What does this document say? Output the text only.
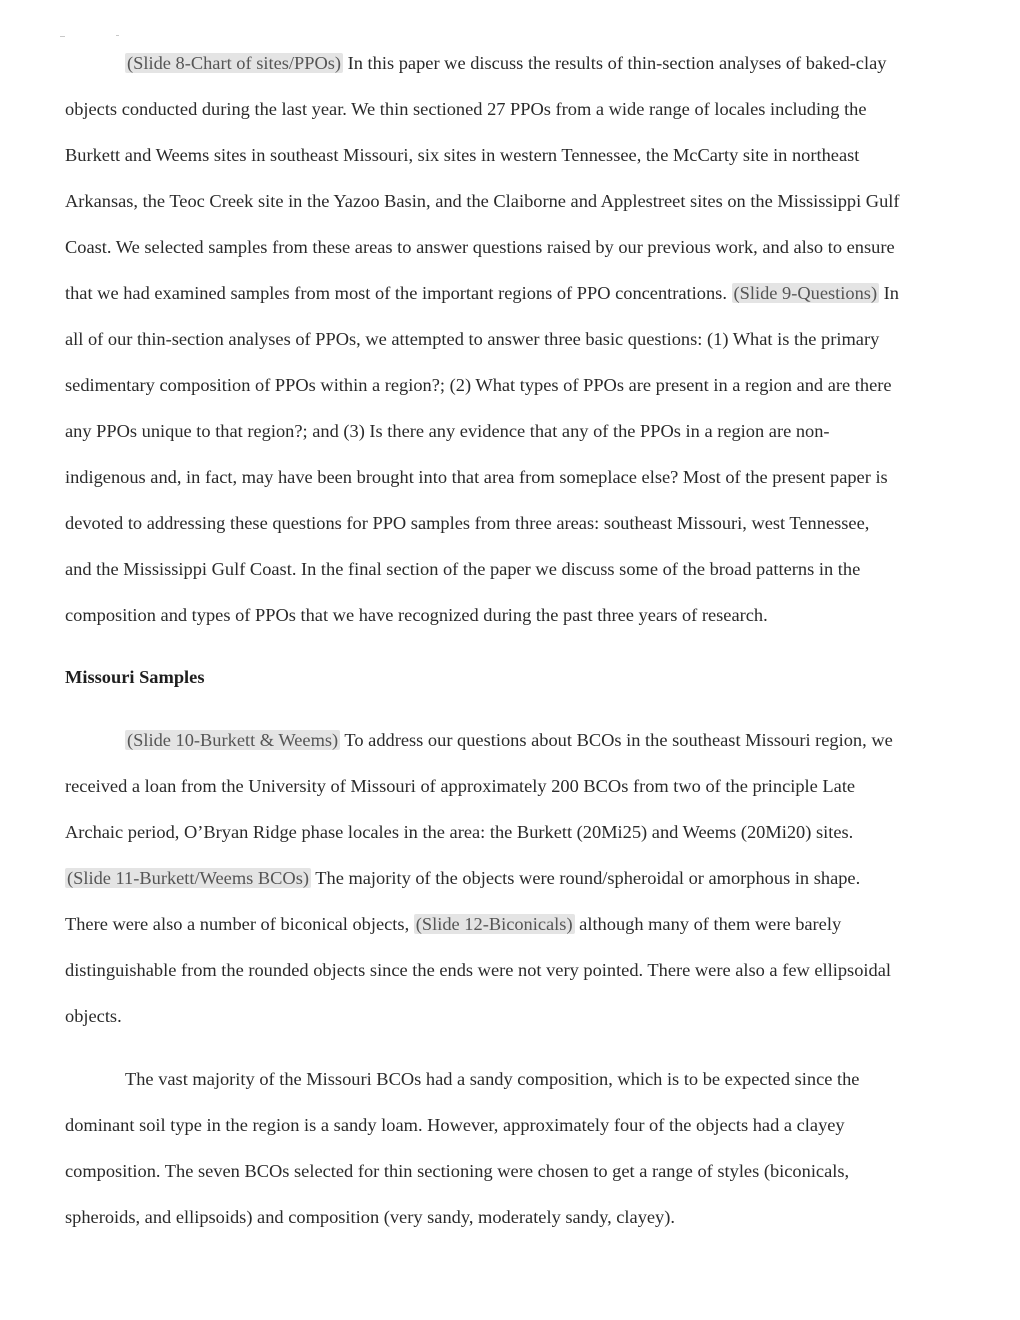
(Slide 8-Chart of sites/PPOs) In this paper we discuss the results of thin-section analyses of baked-clay
objects conducted during the last year. We thin sectioned 27 PPOs from a wide range of locales including the
Burkett and Weems sites in southeast Missouri, six sites in western Tennessee, the McCarty site in northeast
Arkansas, the Teoc Creek site in the Yazoo Basin, and the Claiborne and Applestreet sites on the Mississippi Gulf
Coast. We selected samples from these areas to answer questions raised by our previous work, and also to ensure
that we had examined samples from most of the important regions of PPO concentrations. (Slide 9-Questions) In
all of our thin-section analyses of PPOs, we attempted to answer three basic questions: (1) What is the primary
sedimentary composition of PPOs within a region?; (2) What types of PPOs are present in a region and are there
any PPOs unique to that region?; and (3) Is there any evidence that any of the PPOs in a region are non-
indigenous and, in fact, may have been brought into that area from someplace else? Most of the present paper is
devoted to addressing these questions for PPO samples from three areas: southeast Missouri, west Tennessee,
and the Mississippi Gulf Coast. In the final section of the paper we discuss some of the broad patterns in the
composition and types of PPOs that we have recognized during the past three years of research.
Missouri Samples
(Slide 10-Burkett & Weems) To address our questions about BCOs in the southeast Missouri region, we
received a loan from the University of Missouri of approximately 200 BCOs from two of the principle Late
Archaic period, O’Bryan Ridge phase locales in the area: the Burkett (20Mi25) and Weems (20Mi20) sites.
(Slide 11-Burkett/Weems BCOs) The majority of the objects were round/spheroidal or amorphous in shape.
There were also a number of biconical objects, (Slide 12-Biconicals) although many of them were barely
distinguishable from the rounded objects since the ends were not very pointed. There were also a few ellipsoidal
objects.
The vast majority of the Missouri BCOs had a sandy composition, which is to be expected since the
dominant soil type in the region is a sandy loam. However, approximately four of the objects had a clayey
composition. The seven BCOs selected for thin sectioning were chosen to get a range of styles (biconicals,
spheroids, and ellipsoids) and composition (very sandy, moderately sandy, clayey).
